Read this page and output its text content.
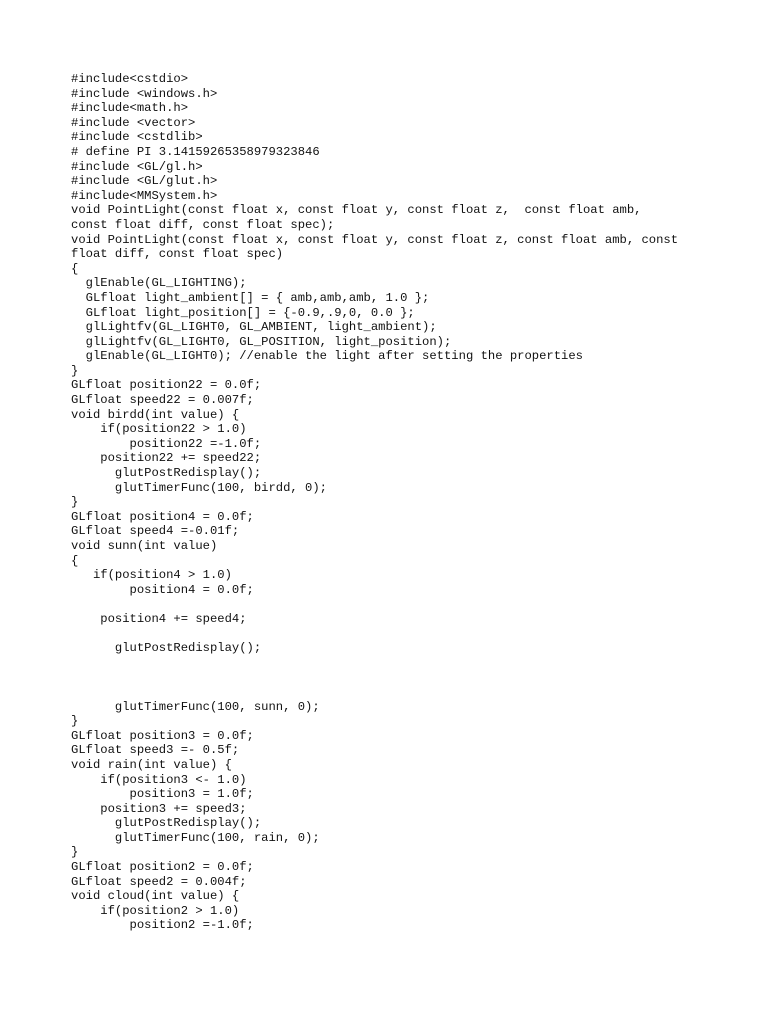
#include<cstdio>
#include <windows.h>
#include<math.h>
#include <vector>
#include <cstdlib>
# define PI 3.14159265358979323846
#include <GL/gl.h>
#include <GL/glut.h>
#include<MMSystem.h>
void PointLight(const float x, const float y, const float z,  const float amb,
const float diff, const float spec);
void PointLight(const float x, const float y, const float z, const float amb, const
float diff, const float spec)
{
glEnable(GL_LIGHTING);
GLfloat light_ambient[] = { amb,amb,amb, 1.0 };
GLfloat light_position[] = {-0.9,.9,0, 0.0 };
glLightfv(GL_LIGHT0, GL_AMBIENT, light_ambient);
glLightfv(GL_LIGHT0, GL_POSITION, light_position);
glEnable(GL_LIGHT0); //enable the light after setting the properties
}
GLfloat position22 = 0.0f;
GLfloat speed22 = 0.007f;
void birdd(int value) {
if(position22 > 1.0)
position22 =-1.0f;
position22 += speed22;
glutPostRedisplay();
glutTimerFunc(100, birdd, 0);
}
GLfloat position4 = 0.0f;
GLfloat speed4 =-0.01f;
void sunn(int value)
{
if(position4 > 1.0)
position4 = 0.0f;
position4 += speed4;
glutPostRedisplay();
glutTimerFunc(100, sunn, 0);
}
GLfloat position3 = 0.0f;
GLfloat speed3 =- 0.5f;
void rain(int value) {
if(position3 <- 1.0)
position3 = 1.0f;
position3 += speed3;
glutPostRedisplay();
glutTimerFunc(100, rain, 0);
}
GLfloat position2 = 0.0f;
GLfloat speed2 = 0.004f;
void cloud(int value) {
if(position2 > 1.0)
position2 =-1.0f;
